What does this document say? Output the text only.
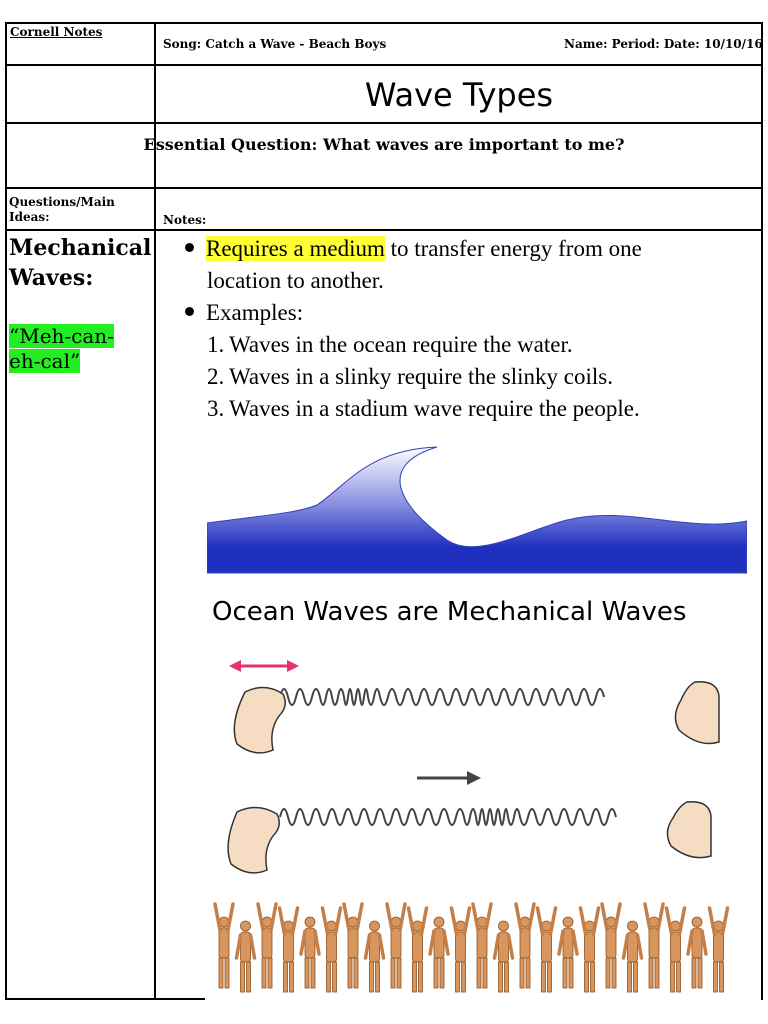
Cornell Notes
Song: Catch a Wave - Beach Boys	Name: Period: Date: 10/10/16
Wave Types
Essential Question: What waves are important to me?
Questions/Main Ideas:	Notes:
Mechanical
Waves:
“Meh-can-
eh-cal”
Requires a medium to transfer energy from one
location to another.
Examples:
1. Waves in the ocean require the water.
2. Waves in a slinky require the slinky coils.
3. Waves in a stadium wave require the people.
Ocean Waves are Mechanical Waves
